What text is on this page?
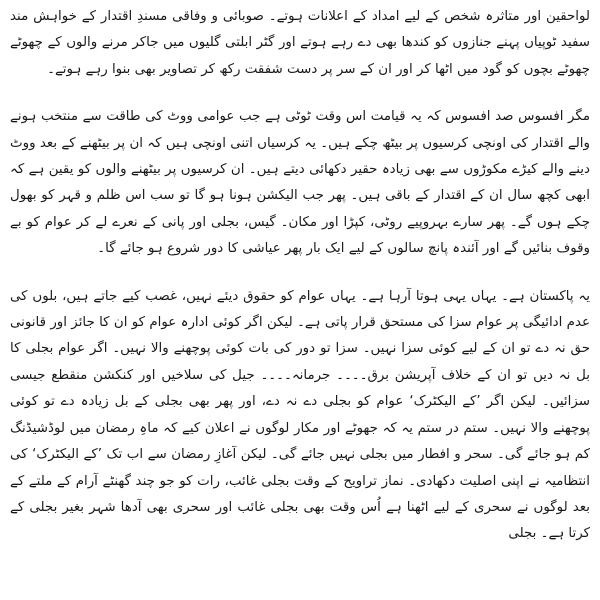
لواحقین اور متاثرہ شخص کے لیے امداد کے اعلانات ہوتے۔ صوبائی و وفاقی مسندِ اقتدار کے خواہش مند سفید ٹوپیاں پہنے جنازوں کو کندھا بھی دے رہے ہوتے اور گٹر ابلتی گلیوں میں جاکر مرنے والوں کے چھوٹے چھوٹے بچوں کو گود میں اٹھا کر اور ان کے سر پر دست شفقت رکھ کر تصاویر بھی بنوا رہے ہوتے۔

مگر افسوس صد افسوس کہ یہ قیامت اس وقت ٹوٹی ہے جب عوامی ووٹ کی طاقت سے منتخب ہونے والے اقتدار کی اونچی کرسیوں پر بیٹھ چکے ہیں۔ یہ کرسیاں اتنی اونچی ہیں کہ ان پر بیٹھنے کے بعد ووٹ دینے والے کیڑے مکوڑوں سے بھی زیادہ حقیر دکھائی دیتے ہیں۔ ان کرسیوں پر بیٹھنے والوں کو یقین ہے کہ ابھی کچھ سال ان کے اقتدار کے باقی ہیں۔ پھر جب الیکشن ہونا ہو گا تو سب اس ظلم و قہر کو بھول چکے ہوں گے۔ پھر سارے بہروپیے روٹی، کپڑا اور مکان۔ گیس، بجلی اور پانی کے نعرے لے کر عوام کو بے وقوف بنائیں گے اور آئندہ پانچ سالوں کے لیے ایک بار پھر عیاشی کا دور شروع ہو جائے گا۔

یہ پاکستان ہے۔ یہاں یہی ہوتا آرہا ہے۔ یہاں عوام کو حقوق دیئے نہیں، غصب کیے جاتے ہیں، بلوں کی عدم ادائیگی پر عوام سزا کی مستحق قرار پاتی ہے۔ لیکن اگر کوئی ادارہ عوام کو ان کا جائز اور قانونی حق نہ دے تو ان کے لیے کوئی سزا نہیں۔ سزا تو دور کی بات کوئی پوچھنے والا نہیں۔ اگر عوام بجلی کا بل نہ دیں تو ان کے خلاف آپریشن برق۔۔۔۔ جرمانہ۔۔۔۔ جیل کی سلاخیں اور کنکشن منقطع جیسی سزائیں۔ لیکن اگر ’کے الیکٹرک‘ عوام کو بجلی دے نہ دے، اور پھر بھی بجلی کے بل زیادہ دے تو کوئی پوچھنے والا نہیں۔ ستم در ستم یہ کہ جھوٹے اور مکار لوگوں نے اعلان کیے کہ ماہِ رمضان میں لوڈشیڈنگ کم ہو جائے گی۔ سحر و افطار میں بجلی نہیں جائے گی۔ لیکن آغازِ رمضان سے اب تک ’کے الیکٹرک‘ کی انتظامیہ نے اپنی اصلیت دکھادی۔ نماز تراویح کے وقت بجلی غائب، رات کو جو چند گھنٹے آرام کے ملتے کے بعد لوگوں نے سحری کے لیے اٹھنا ہے اُس وقت بھی بجلی غائب اور سحری بھی آدھا شہر بغیر بجلی کے کرتا ہے۔ بجلی
